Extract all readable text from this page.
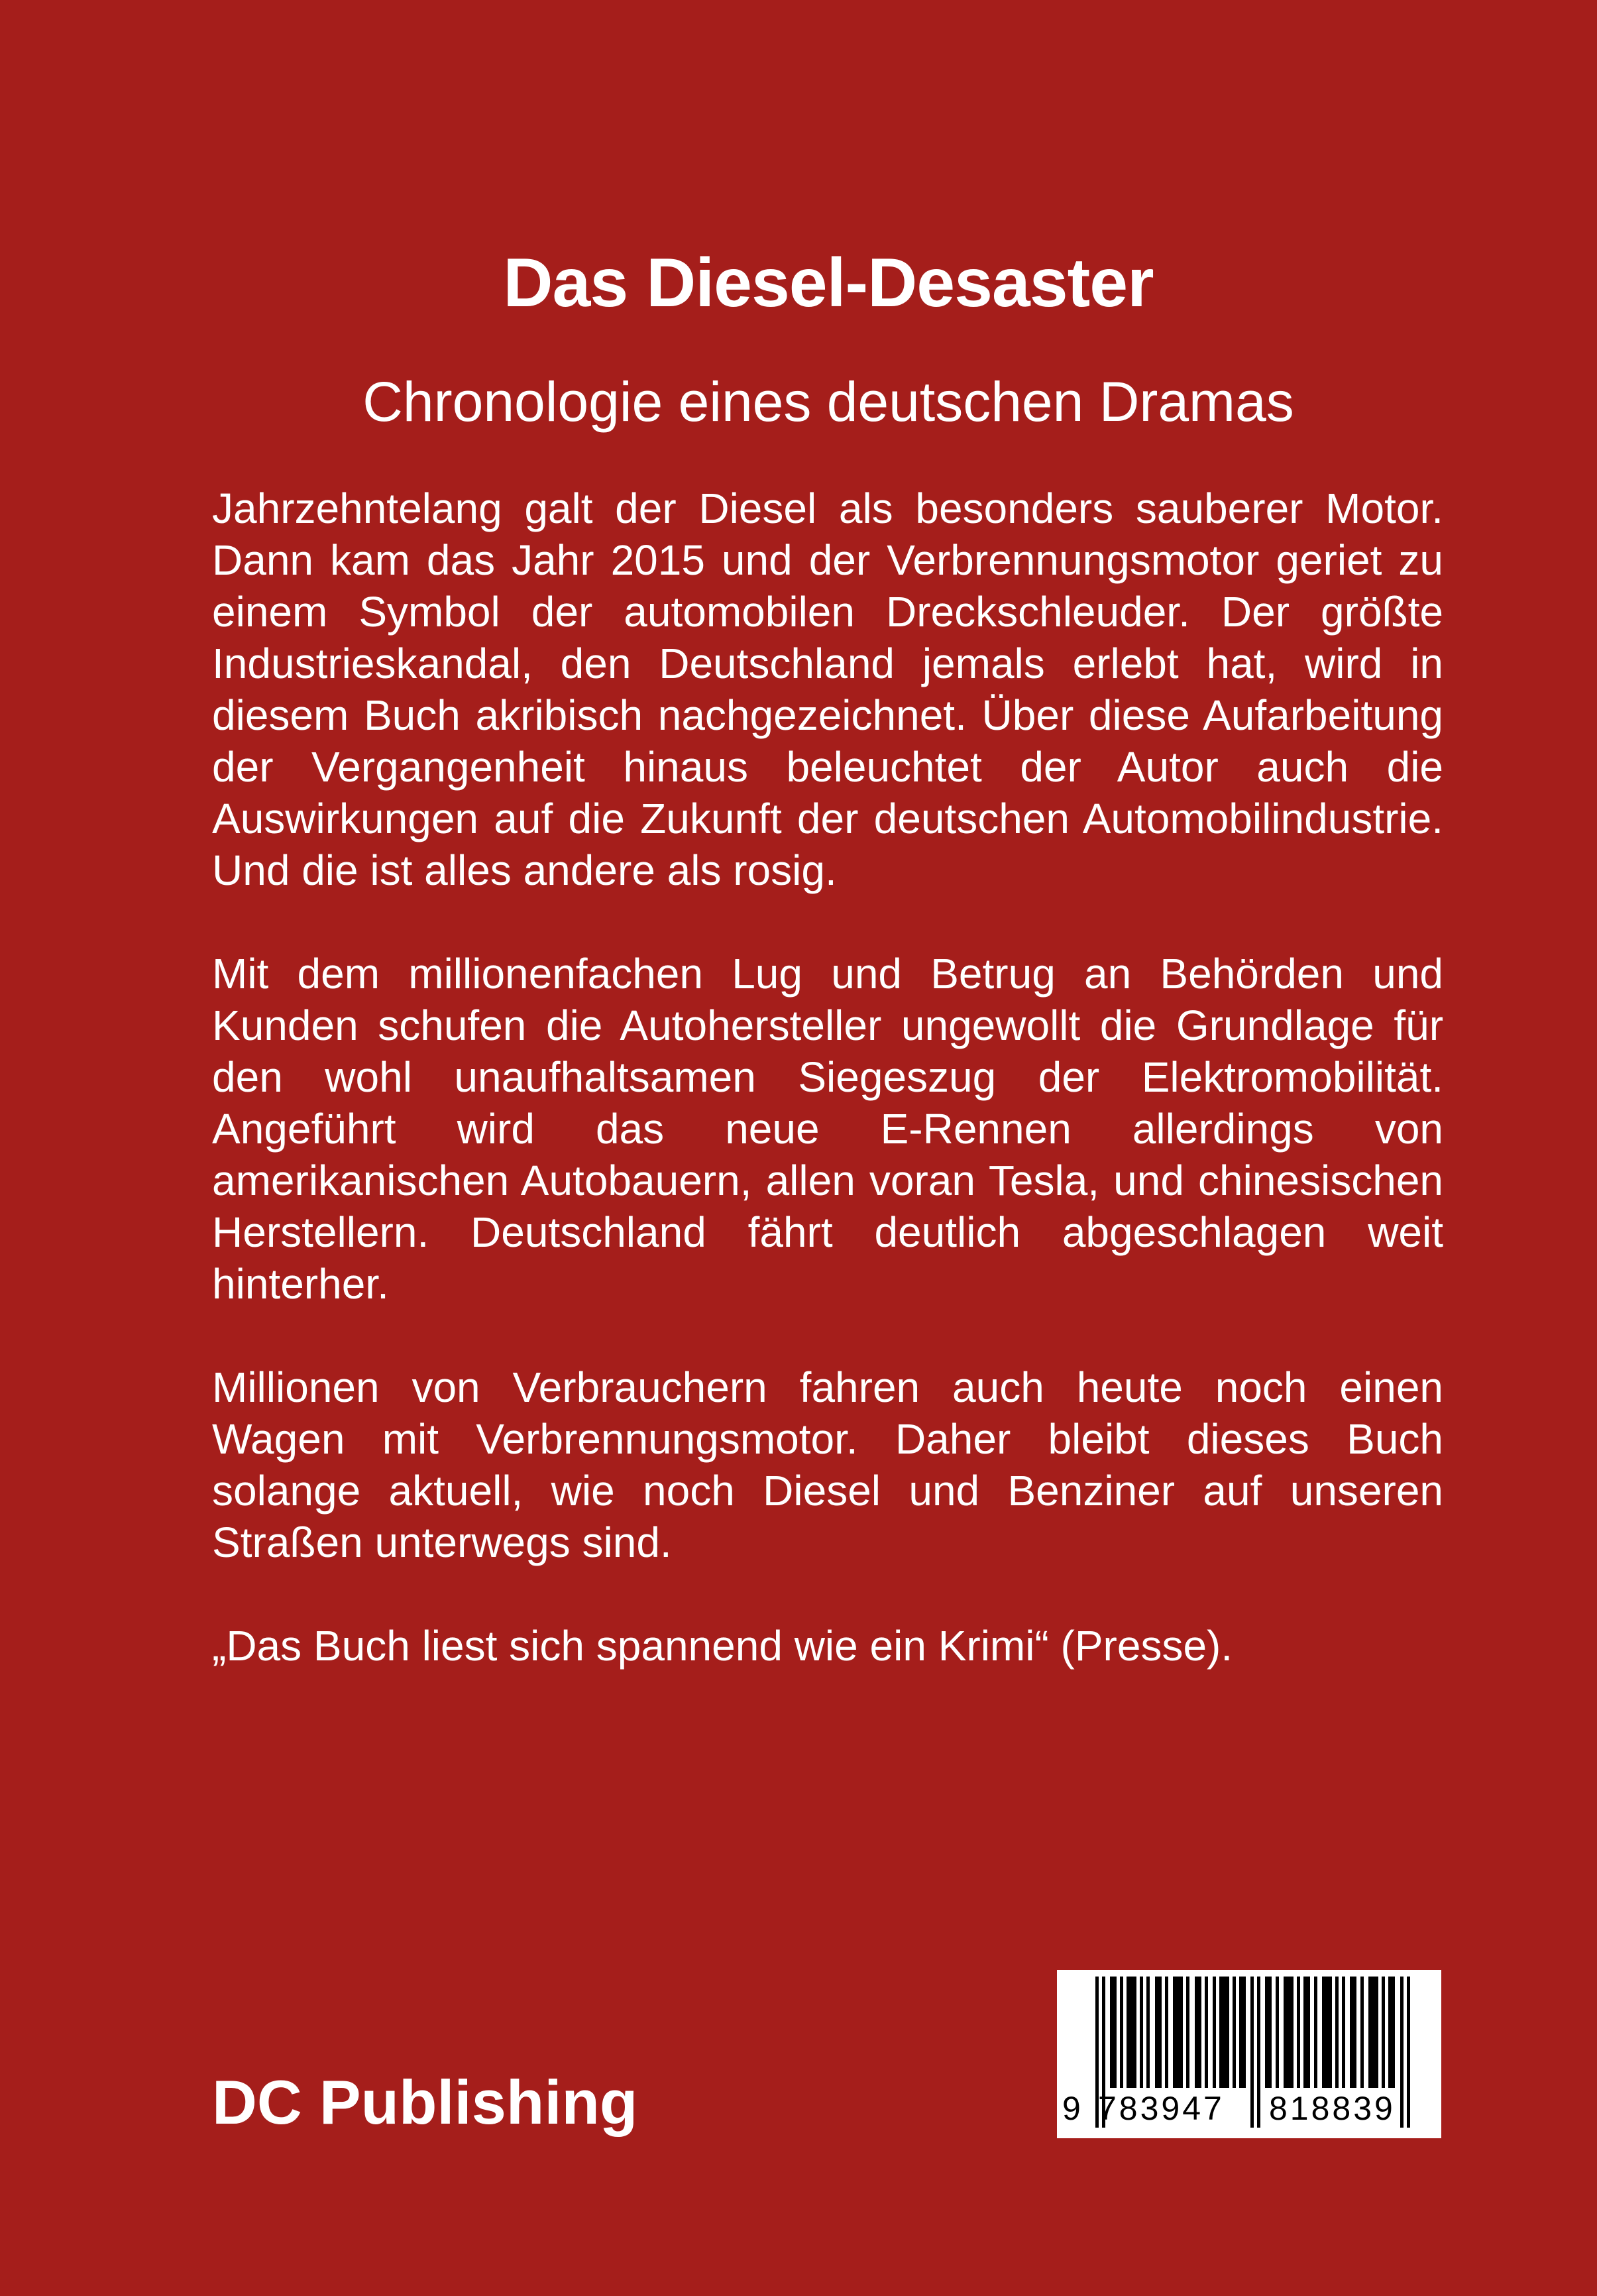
Das Diesel-Desaster
Chronologie eines deutschen Dramas

Jahrzehntelang galt der Diesel als besonders sauberer Motor. Dann kam das Jahr 2015 und der Verbrennungsmotor geriet zu einem Symbol der automobilen Dreckschleuder. Der größte Industrieskandal, den Deutschland jemals erlebt hat, wird in diesem Buch akribisch nachgezeichnet. Über diese Aufarbeitung der Vergangenheit hinaus beleuchtet der Autor auch die Auswirkungen auf die Zukunft der deutschen Automobilindustrie. Und die ist alles andere als rosig.

Mit dem millionenfachen Lug und Betrug an Behörden und Kunden schufen die Autohersteller ungewollt die Grundlage für den wohl unaufhaltsamen Siegeszug der Elektromobilität. Angeführt wird das neue E-Rennen allerdings von amerikanischen Autobauern, allen voran Tesla, und chinesischen Herstellern. Deutschland fährt deutlich abgeschlagen weit hinterher.

Millionen von Verbrauchern fahren auch heute noch einen Wagen mit Verbrennungsmotor. Daher bleibt dieses Buch solange aktuell, wie noch Diesel und Benziner auf unseren Straßen unterwegs sind.

„Das Buch liest sich spannend wie ein Krimi“ (Presse).

DC Publishing	9 783947 818839
